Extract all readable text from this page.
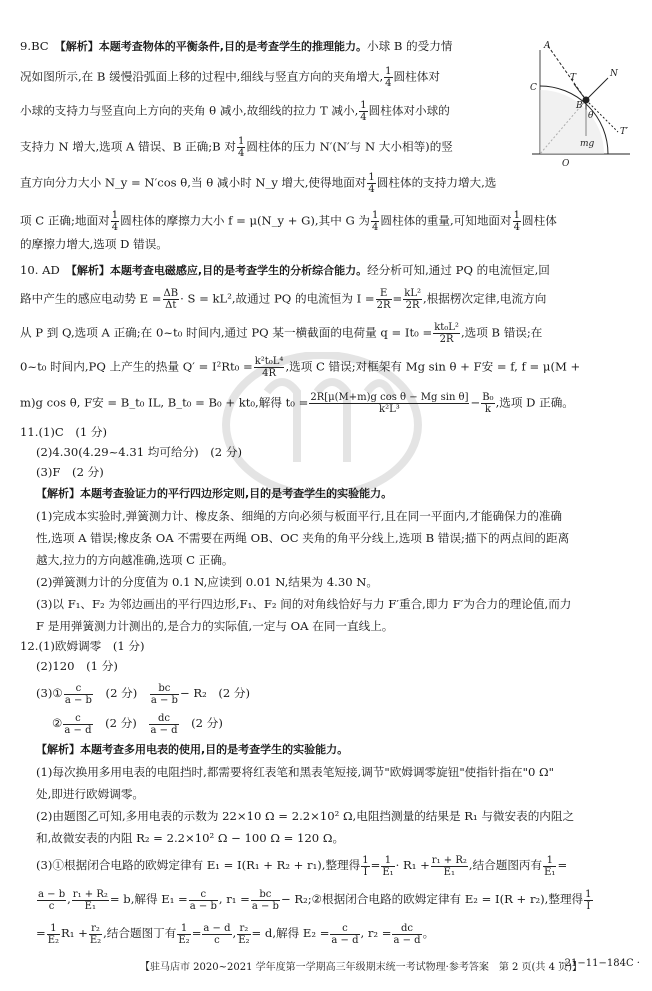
9.BC　 【解析】本题考查物体的平衡条件,目的是考查学生的推理能力。小球 B 的受力情
况如图所示,在 B 缓慢沿弧面上移的过程中,细线与竖直方向的夹角增大, $\frac{1}{4}$ 圆柱体对
小球的支持力与竖直向上方向的夹角 θ 减小,故细线的拉力 T 减小, $\frac{1}{4}$ 圆柱体对小球的
支持力 N 增大,选项 A 错误、B 正确;B 对 $\frac{1}{4}$ 圆柱体的压力 N′(N′与 N 大小相等)的竖
直方向分力大小 N_y = N′cos θ,当 θ 减小时 N_y 增大,使得地面对 $\frac{1}{4}$ 圆柱体的支持力增大,选
项 C 正确;地面对 $\frac{1}{4}$ 圆柱体的摩擦力大小 f = μ(N_y + G),其中 G 为 $\frac{1}{4}$ 圆柱体的重量,可知地面对 $\frac{1}{4}$ 圆柱体
的摩擦力增大,选项 D 错误。
A
C
B
T	N
θ
T′
mg
O
10. AD　 【解析】本题考查电磁感应,目的是考查学生的分析综合能力。经分析可知,通过 PQ 的电流恒定,回
路中产生的感应电动势 $E = \frac{\Delta B}{\Delta t} \cdot S = kL^2$,故通过 PQ 的电流恒为 $I = \frac{E}{2R} = \frac{\text{kL²}}{2R}$ ,根据楞次定律,电流方向
从 P 到 Q,选项 A 正确;在 0~t₀ 时间内,通过 PQ 某一横截面的电荷量 $q = It_0 = \frac{\text{kt₀L²}}{2R}$ ,选项 B 错误;在
0~t₀ 时间内,PQ 上产生的热量 $Q' = I^2Rt_0 = \frac{\text{k²t₀L⁴}}{4R}$ ,选项 C 错误;对框架有 Mg sin θ + F安 = f, f = μ(M +
m)g cos θ, F安 = B_t₀ IL, B_t₀ = B₀ + kt₀,解得 $t_0 = \frac{\text{2R[μ(M+m)g cos θ − Mg sin θ]}}{\text{k²L³}} - \frac{\text{B₀}}{k}$ ,选项 D 正确。
11.(1)C　(1 分)
(2)4.30(4.29~4.31 均可给分)　(2 分)
(3)F　(2 分)
【解析】本题考查验证力的平行四边形定则,目的是考查学生的实验能力。
(1)完成本实验时,弹簧测力计、橡皮条、细绳的方向必须与板面平行,且在同一平面内,才能确保力的准确
性,选项 A 错误;橡皮条 OA 不需要在两绳 OB、OC 夹角的角平分线上,选项 B 错误;描下的两点间的距离
越大,拉力的方向越准确,选项 C 正确。
(2)弹簧测力计的分度值为 0.1 N,应读到 0.01 N,结果为 4.30 N。
(3)以 F₁、F₂ 为邻边画出的平行四边形,F₁、F₂ 间的对角线恰好与力 F′重合,即力 F′为合力的理论值,而力
F 是用弹簧测力计测出的,是合力的实际值,一定与 OA 在同一直线上。
12.(1)欧姆调零　(1 分)
(2)120　(1 分)
(3)① $\frac{c}{a - b}$
　 (2 分)　 $\frac{bc}{a - b} - R_2$　(2 分)
② $\frac{c}{a - d}$
　 (2 分)　 $\frac{dc}{a - d}$
　 (2 分)
【解析】本题考查多用电表的使用,目的是考查学生的实验能力。
(1)每次换用多用电表的电阻挡时,都需要将红表笔和黑表笔短接,调节"欧姆调零旋钮"使指针指在"0 Ω"
处,即进行欧姆调零。
(2)由题图乙可知,多用电表的示数为 22×10 Ω = 2.2×10² Ω,电阻挡测量的结果是 R₁ 与微安表的内阻之
和,故微安表的内阻 R₂ = 2.2×10² Ω − 100 Ω = 120 Ω。
(3)①根据闭合电路的欧姆定律有 E₁ = I(R₁ + R₂ + r₁),整理得 $\frac{1}{I} = \frac{1}{\text{E₁}} \cdot R_1 + \frac{\text{r₁ + R₂}}{\text{E₁}}$ ,结合题图丙有 $\frac{1}{\text{E₁}}$ =
$\frac{a - b}{c}$ , $\frac{\text{r₁ + R₂}}{\text{E₁}} = b$,解得 $E_1 = \frac{c}{a - b}$ , $r_1 = \frac{bc}{a - b}$ − R₂;②根据闭合电路的欧姆定律有 E₂ = I(R + r₂),整理得 $\frac{1}{I}$
= $\frac{1}{\text{E₂}} R_1 + \frac{\text{r₂}}{\text{E₂}}$ ,结合题图丁有 $\frac{1}{\text{E₂}} = \frac{a - d}{c}$ , $\frac{\text{r₂}}{\text{E₂}} = d$,解得 $E_2 = \frac{c}{a - d}$ , $r_2 = \frac{dc}{a - d}$ 。
【驻马店市 2020~2021 学年度第一学期高三年级期末统一考试物理·参考答案　第 2 页(共 4 页)】
· 21−11−184C ·
